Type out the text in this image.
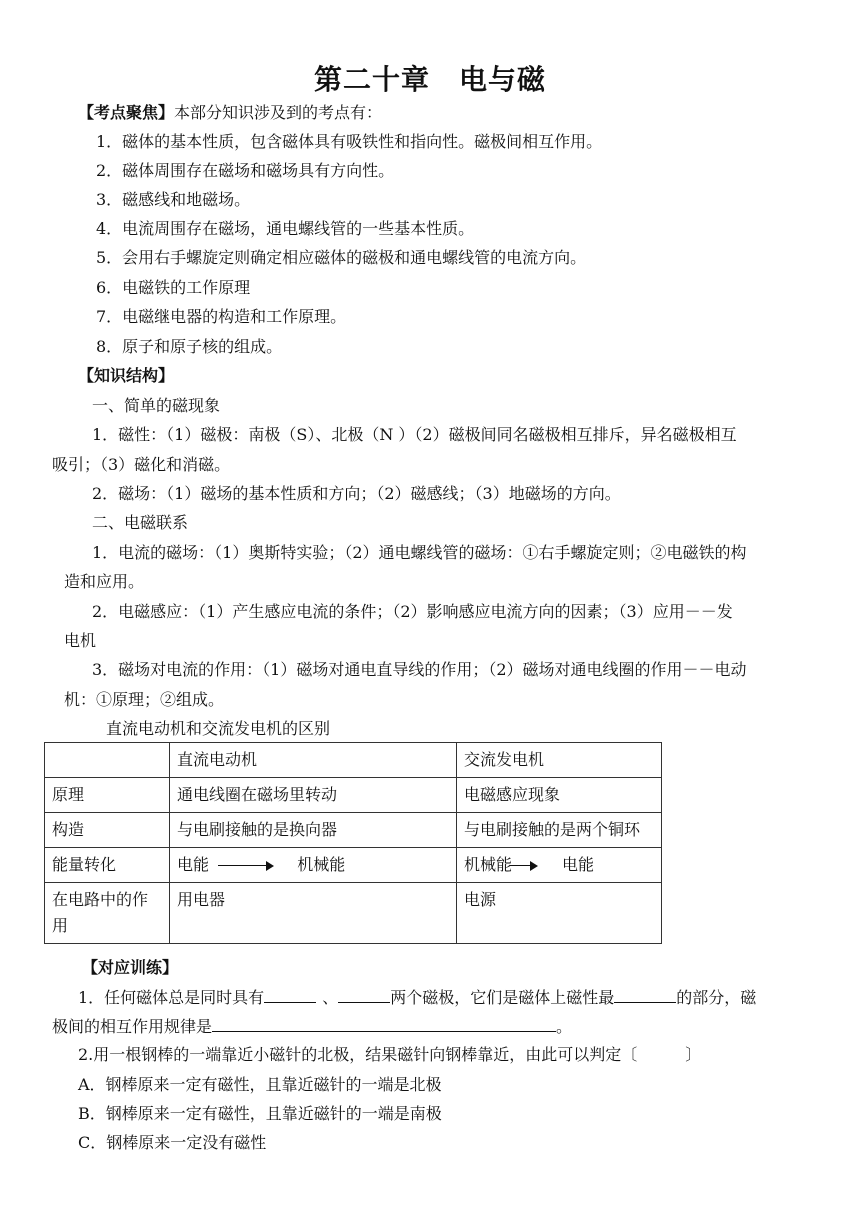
第二十章　电与磁
【考点聚焦】本部分知识涉及到的考点有：
1．磁体的基本性质，包含磁体具有吸铁性和指向性。磁极间相互作用。
2．磁体周围存在磁场和磁场具有方向性。
3．磁感线和地磁场。
4．电流周围存在磁场，通电螺线管的一些基本性质。
5．会用右手螺旋定则确定相应磁体的磁极和通电螺线管的电流方向。
6．电磁铁的工作原理
7．电磁继电器的构造和工作原理。
8．原子和原子核的组成。
【知识结构】
一、简单的磁现象
1．磁性：（1）磁极：南极（S）、北极（N ）（2）磁极间同名磁极相互排斥，异名磁极相互
吸引；（3）磁化和消磁。
2．磁场：（1）磁场的基本性质和方向；（2）磁感线；（3）地磁场的方向。
二、电磁联系
1．电流的磁场：（1）奥斯特实验；（2）通电螺线管的磁场：①右手螺旋定则；②电磁铁的构
造和应用。
2．电磁感应：（1）产生感应电流的条件；（2）影响感应电流方向的因素；（3）应用－－发
电机
3．磁场对电流的作用：（1）磁场对通电直导线的作用；（2）磁场对通电线圈的作用－－电动
机：①原理；②组成。
直流电动机和交流发电机的区别
	直流电动机	交流发电机
原理	通电线圈在磁场里转动	电磁感应现象
构造	与电刷接触的是换向器	与电刷接触的是两个铜环
能量转化	电能 机械能	机械能 电能
在电路中的作用	用电器	电源
【对应训练】
1．任何磁体总是同时具有	、	两个磁极，它们是磁体上磁性最	的部分，磁
极间的相互作用规律是	。
2.用一根钢棒的一端靠近小磁针的北极，结果磁针向钢棒靠近，由此可以判定〔　　　〕
A．钢棒原来一定有磁性，且靠近磁针的一端是北极
B．钢棒原来一定有磁性，且靠近磁针的一端是南极
C．钢棒原来一定没有磁性
